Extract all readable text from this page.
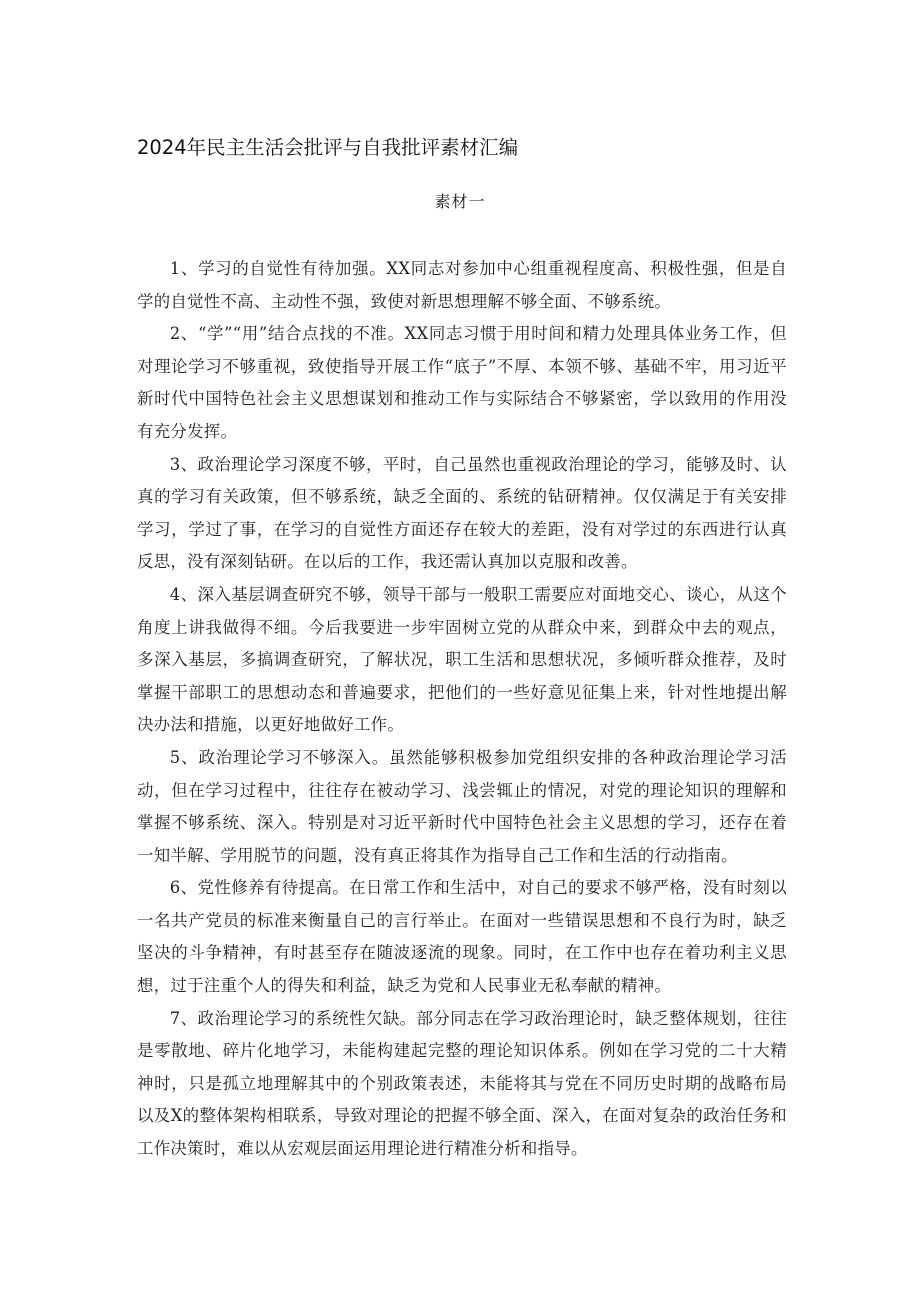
2024年民主生活会批评与自我批评素材汇编
素材一

1、学习的自觉性有待加强。XX同志对参加中心组重视程度高、积极性强，但是自学的自觉性不高、主动性不强，致使对新思想理解不够全面、不够系统。

2、“学”“用”结合点找的不准。XX同志习惯于用时间和精力处理具体业务工作，但对理论学习不够重视，致使指导开展工作“底子”不厚、本领不够、基础不牢，用习近平新时代中国特色社会主义思想谋划和推动工作与实际结合不够紧密，学以致用的作用没有充分发挥。

3、政治理论学习深度不够，平时，自己虽然也重视政治理论的学习，能够及时、认真的学习有关政策，但不够系统，缺乏全面的、系统的钻研精神。仅仅满足于有关安排学习，学过了事，在学习的自觉性方面还存在较大的差距，没有对学过的东西进行认真反思，没有深刻钻研。在以后的工作，我还需认真加以克服和改善。

4、深入基层调查研究不够，领导干部与一般职工需要应对面地交心、谈心，从这个角度上讲我做得不细。今后我要进一步牢固树立党的从群众中来，到群众中去的观点，多深入基层，多搞调查研究，了解状况，职工生活和思想状况，多倾听群众推荐，及时掌握干部职工的思想动态和普遍要求，把他们的一些好意见征集上来，针对性地提出解决办法和措施，以更好地做好工作。

5、政治理论学习不够深入。虽然能够积极参加党组织安排的各种政治理论学习活动，但在学习过程中，往往存在被动学习、浅尝辄止的情况，对党的理论知识的理解和掌握不够系统、深入。特别是对习近平新时代中国特色社会主义思想的学习，还存在着一知半解、学用脱节的问题，没有真正将其作为指导自己工作和生活的行动指南。

6、党性修养有待提高。在日常工作和生活中，对自己的要求不够严格，没有时刻以一名共产党员的标准来衡量自己的言行举止。在面对一些错误思想和不良行为时，缺乏坚决的斗争精神，有时甚至存在随波逐流的现象。同时，在工作中也存在着功利主义思想，过于注重个人的得失和利益，缺乏为党和人民事业无私奉献的精神。

7、政治理论学习的系统性欠缺。部分同志在学习政治理论时，缺乏整体规划，往往是零散地、碎片化地学习，未能构建起完整的理论知识体系。例如在学习党的二十大精神时，只是孤立地理解其中的个别政策表述，未能将其与党在不同历史时期的战略布局以及X的整体架构相联系，导致对理论的把握不够全面、深入，在面对复杂的政治任务和工作决策时，难以从宏观层面运用理论进行精准分析和指导。
